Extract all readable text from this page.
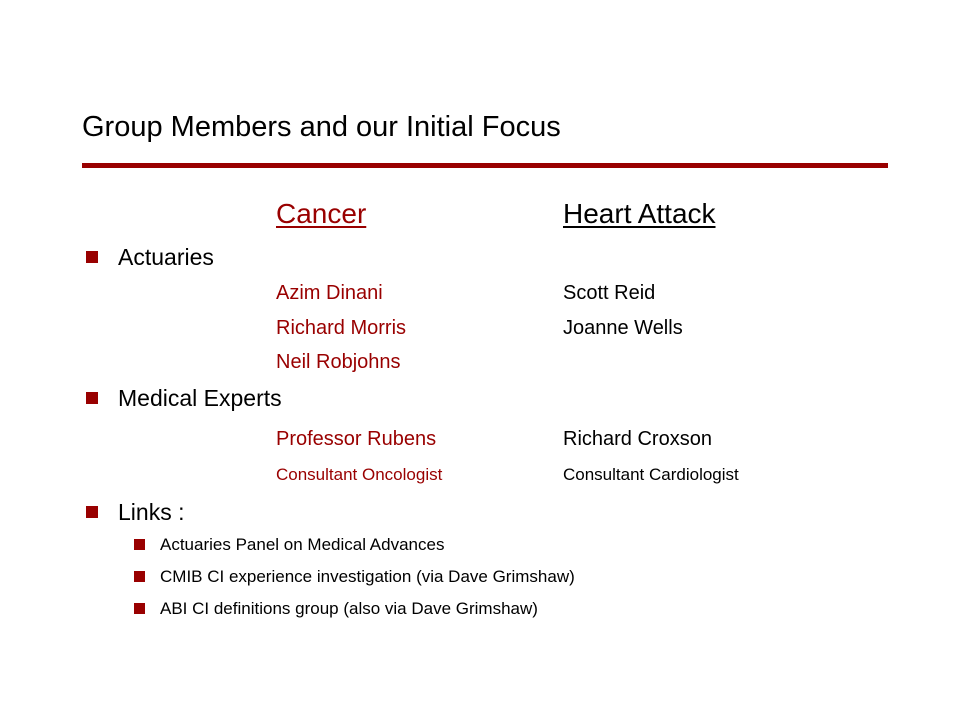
Group Members and our Initial Focus
Cancer	Heart Attack
Actuaries
Azim Dinani	Scott Reid
Richard Morris	Joanne Wells
Neil Robjohns
Medical Experts
Professor Rubens	Richard Croxson
Consultant Oncologist	Consultant Cardiologist
Links :
Actuaries Panel on Medical Advances
CMIB CI experience investigation (via Dave Grimshaw)
ABI CI definitions group (also via Dave Grimshaw)
